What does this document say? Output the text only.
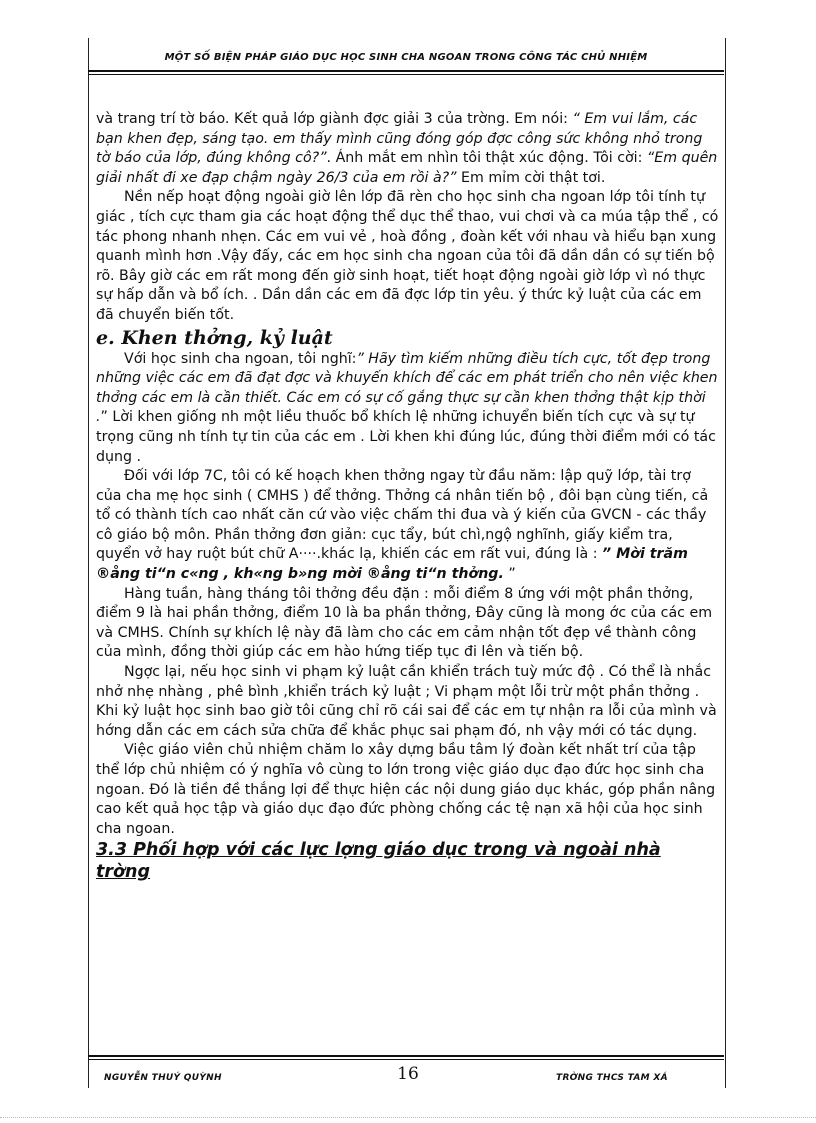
MỘT SỐ BIỆN PHÁP GIÁO DỤC HỌC SINH CHA NGOAN TRONG CÔNG TÁC CHỦ NHIỆM

và trang trí tờ báo. Kết quả lớp giành đợc giải 3 của trờng. Em nói: “ Em vui lắm, các bạn khen đẹp, sáng tạo. em thấy mình cũng đóng góp đợc công sức không nhỏ trong tờ báo của lớp, đúng không cô?”. Ánh mắt em nhìn tôi thật xúc động. Tôi cời: “Em quên giải nhất đi xe đạp chậm ngày 26/3 của em rồi à?” Em mỉm cời thật tơi.

Nền nếp hoạt động ngoài giờ lên lớp đã rèn cho học sinh cha ngoan lớp tôi tính tự giác , tích cực tham gia các hoạt động thể dục thể thao, vui chơi và ca múa tập thể , có tác phong nhanh nhẹn. Các em vui vẻ , hoà đồng , đoàn kết với nhau và hiểu bạn xung quanh mình hơn .Vậy đấy, các em học sinh cha ngoan của tôi đã dần dần có sự tiến bộ rõ. Bây giờ các em rất mong đến giờ sinh hoạt, tiết hoạt động ngoài giờ lớp vì nó thực sự hấp dẫn và bổ ích. . Dần dần các em đã đợc lớp tin yêu. ý thức kỷ luật của các em đã chuyển biến tốt.

e. Khen thởng, kỷ luật

Với học sinh cha ngoan, tôi nghĩ:” Hãy tìm kiếm những điều tích cực, tốt đẹp trong những việc các em đã đạt đợc và khuyến khích để các em phát triển cho nên việc khen thởng các em là cần thiết. Các em có sự cố gắng thực sự cần khen thởng thật kịp thời .” Lời khen giống nh một liều thuốc bổ khích lệ những ichuyển biến tích cực và sự tự trọng cũng nh tính tự tin của các em . Lời khen khi đúng lúc, đúng thời điểm mới có tác dụng .

Đối với lớp 7C, tôi có kế hoạch khen thởng ngay từ đầu năm: lập quỹ lớp, tài trợ của cha mẹ học sinh ( CMHS ) để thởng. Thởng cá nhân tiến bộ , đôi bạn cùng tiến, cả tổ có thành tích cao nhất căn cứ vào việc chấm thi đua và ý kiến của GVCN - các thầy cô giáo bộ môn. Phần thởng đơn giản: cục tẩy, bút chì,ngộ nghĩnh, giấy kiểm tra, quyển vở hay ruột bút chữ A····.khác lạ, khiến các em rất vui, đúng là : ” Mời trăm ®ång ti“n c«ng , kh«ng b»ng mời ®ång ti“n thởng. ”

Hàng tuần, hàng tháng tôi thởng đều đặn : mỗi điểm 8 ứng với một phần thởng, điểm 9 là hai phần thởng, điểm 10 là ba phần thởng, Đây cũng là mong ớc của các em và CMHS. Chính sự khích lệ này đã làm cho các em cảm nhận tốt đẹp về thành công của mình, đồng thời giúp các em hào hứng tiếp tục đi lên và tiến bộ.

Ngợc lại, nếu học sinh vi phạm kỷ luật cần khiển trách tuỳ mức độ . Có thể là nhắc nhở nhẹ nhàng , phê bình ,khiển trách kỷ luật ; Vi phạm một lỗi trừ một phần thởng . Khi kỷ luật học sinh bao giờ tôi cũng chỉ rõ cái sai để các em tự nhận ra lỗi của mình và hớng dẫn các em cách sửa chữa để khắc phục sai phạm đó, nh vậy mới có tác dụng.

Việc giáo viên chủ nhiệm chăm lo xây dựng bầu tâm lý đoàn kết nhất trí của tập thể lớp chủ nhiệm có ý nghĩa vô cùng to lớn trong việc giáo dục đạo đức học sinh cha ngoan. Đó là tiền đề thắng lợi để thực hiện các nội dung giáo dục khác, góp phần nâng cao kết quả học tập và giáo dục đạo đức phòng chống các tệ nạn xã hội của học sinh cha ngoan.

3.3 Phối hợp với các lực lợng giáo dục trong và ngoài nhà trờng

NGUYỄN THUÝ QUỲNH	16	TRỜNG THCS TAM XÁ
